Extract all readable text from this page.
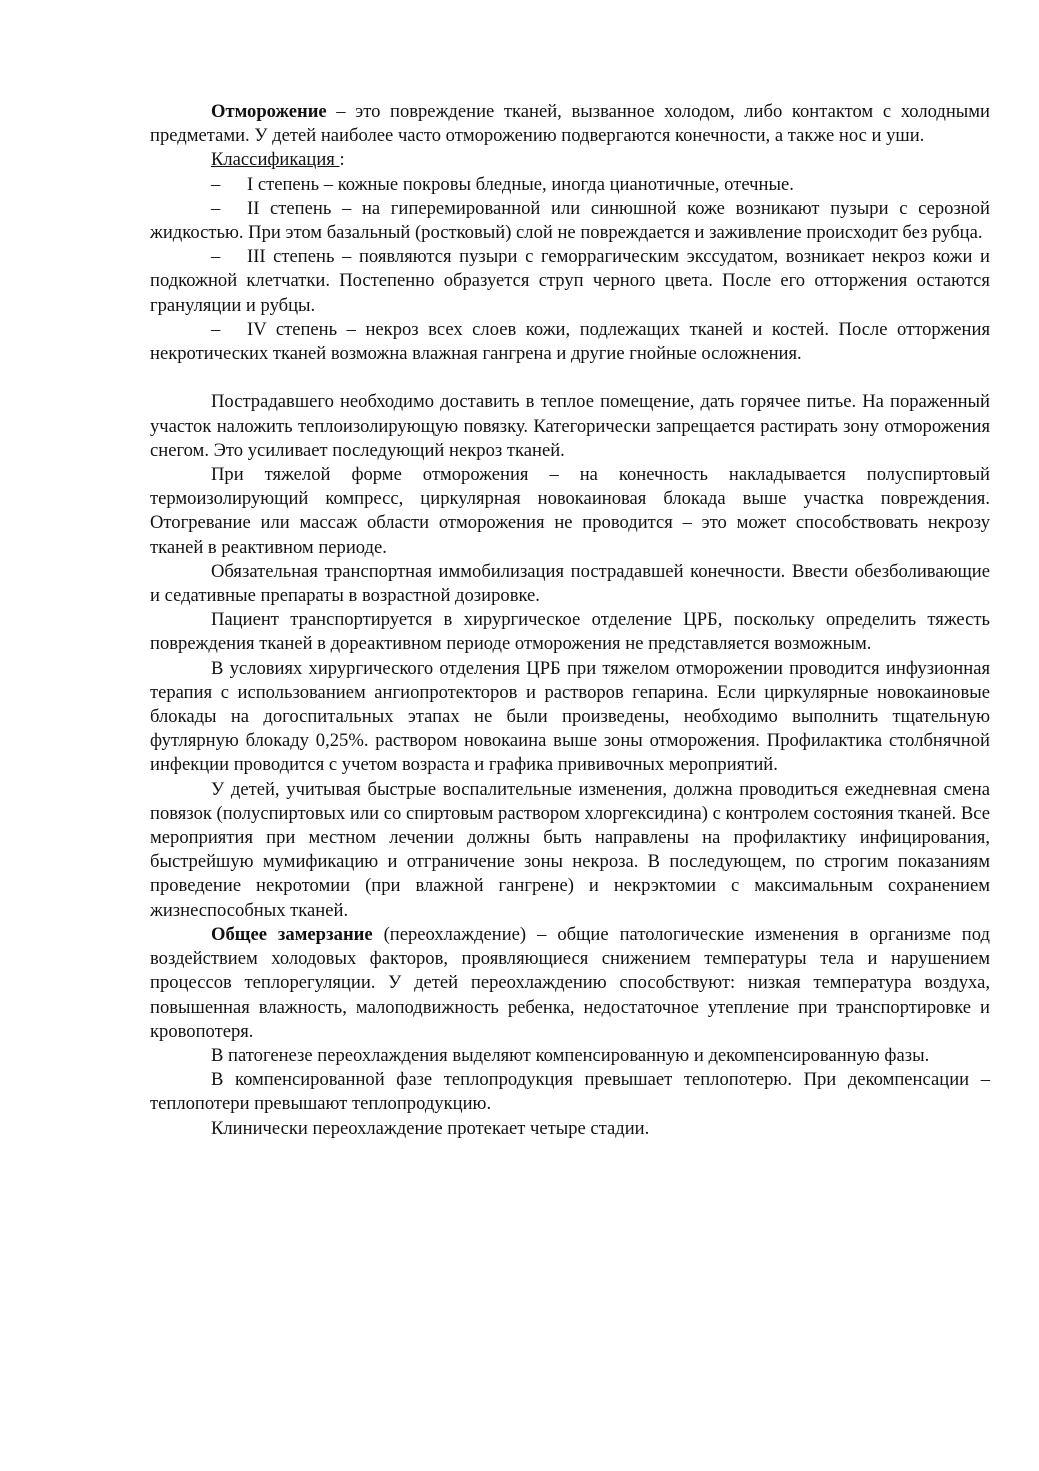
Отморожение – это повреждение тканей, вызванное холодом, либо контактом с холодными предметами. У детей наиболее часто отморожению подвергаются конечности, а также нос и уши.

Классификация :

– I степень – кожные покровы бледные, иногда цианотичные, отечные.

– II степень – на гиперемированной или синюшной коже возникают пузыри с серозной жидкостью. При этом базальный (ростковый) слой не повреждается и заживление происходит без рубца.

– III степень – появляются пузыри с геморрагическим экссудатом, возникает некроз кожи и подкожной клетчатки. Постепенно образуется струп черного цвета. После его отторжения остаются грануляции и рубцы.

– IV степень – некроз всех слоев кожи, подлежащих тканей и костей. После отторжения некротических тканей возможна влажная гангрена и другие гнойные осложнения.

Пострадавшего необходимо доставить в теплое помещение, дать горячее питье. На пораженный участок наложить теплоизолирующую повязку. Категорически запрещается растирать зону отморожения снегом. Это усиливает последующий некроз тканей.

При тяжелой форме отморожения – на конечность накладывается полуспиртовый термоизолирующий компресс, циркулярная новокаиновая блокада выше участка повреждения. Отогревание или массаж области отморожения не проводится – это может способствовать некрозу тканей в реактивном периоде.

Обязательная транспортная иммобилизация пострадавшей конечности. Ввести обезболивающие и седативные препараты в возрастной дозировке.

Пациент транспортируется в хирургическое отделение ЦРБ, поскольку определить тяжесть повреждения тканей в дореактивном периоде отморожения не представляется возможным.

В условиях хирургического отделения ЦРБ при тяжелом отморожении проводится инфузионная терапия с использованием ангиопротекторов и растворов гепарина. Если циркулярные новокаиновые блокады на догоспитальных этапах не были произведены, необходимо выполнить тщательную футлярную блокаду 0,25%. раствором новокаина выше зоны отморожения. Профилактика столбнячной инфекции проводится с учетом возраста и графика прививочных мероприятий.

У детей, учитывая быстрые воспалительные изменения, должна проводиться ежедневная смена повязок (полуспиртовых или со спиртовым раствором хлоргексидина) с контролем состояния тканей. Все мероприятия при местном лечении должны быть направлены на профилактику инфицирования, быстрейшую мумификацию и отграничение зоны некроза. В последующем, по строгим показаниям проведение некротомии (при влажной гангрене) и некрэктомии с максимальным сохранением жизнеспособных тканей.

Общее замерзание (переохлаждение) – общие патологические изменения в организме под воздействием холодовых факторов, проявляющиеся снижением температуры тела и нарушением процессов теплорегуляции. У детей переохлаждению способствуют: низкая температура воздуха, повышенная влажность, малоподвижность ребенка, недостаточное утепление при транспортировке и кровопотеря.

В патогенезе переохлаждения выделяют компенсированную и декомпенсированную фазы.

В компенсированной фазе теплопродукция превышает теплопотерю. При декомпенсации – теплопотери превышают теплопродукцию.

Клинически переохлаждение протекает четыре стадии.
